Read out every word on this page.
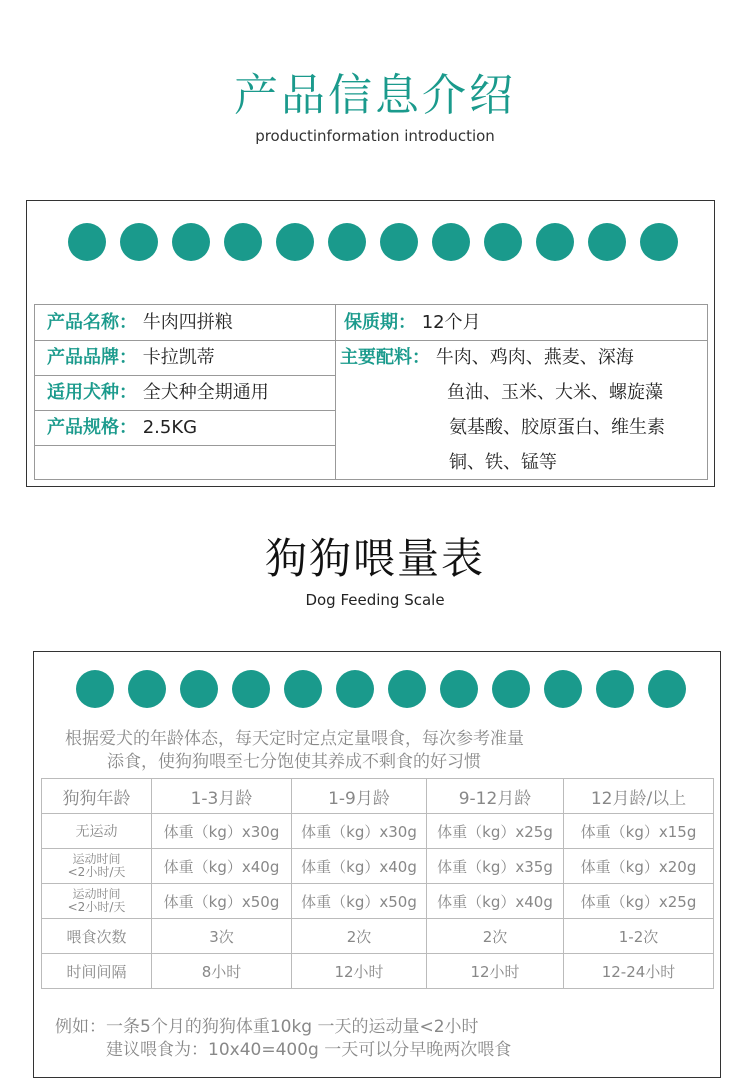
产品信息介绍
productinformation introduction
产品名称： 牛肉四拼粮
产品品牌： 卡拉凯蒂
适用犬种： 全犬种全期通用
产品规格： 2.5KG
保质期： 12个月
主要配料： 牛肉、鸡肉、燕麦、深海
鱼油、玉米、大米、螺旋藻
氨基酸、胶原蛋白、维生素
铜、铁、锰等
狗狗喂量表
Dog Feeding Scale
根据爱犬的年龄体态，每天定时定点定量喂食，每次参考准量
添食，使狗狗喂至七分饱使其养成不剩食的好习惯
狗狗年龄	1-3月龄	1-9月龄	9-12月龄	12月龄/以上
无运动	体重（kg）x30g	体重（kg）x30g	体重（kg）x25g	体重（kg）x15g

运动时间
<2小时/天	体重（kg）x40g	体重（kg）x40g	体重（kg）x35g	体重（kg）x20g

运动时间
<2小时/天	体重（kg）x50g	体重（kg）x50g	体重（kg）x40g	体重（kg）x25g
喂食次数	3次	2次	2次	1-2次
时间间隔	8小时	12小时	12小时	12-24小时
例如：一条5个月的狗狗体重10kg 一天的运动量<2小时
建议喂食为：10x40=400g 一天可以分早晚两次喂食
